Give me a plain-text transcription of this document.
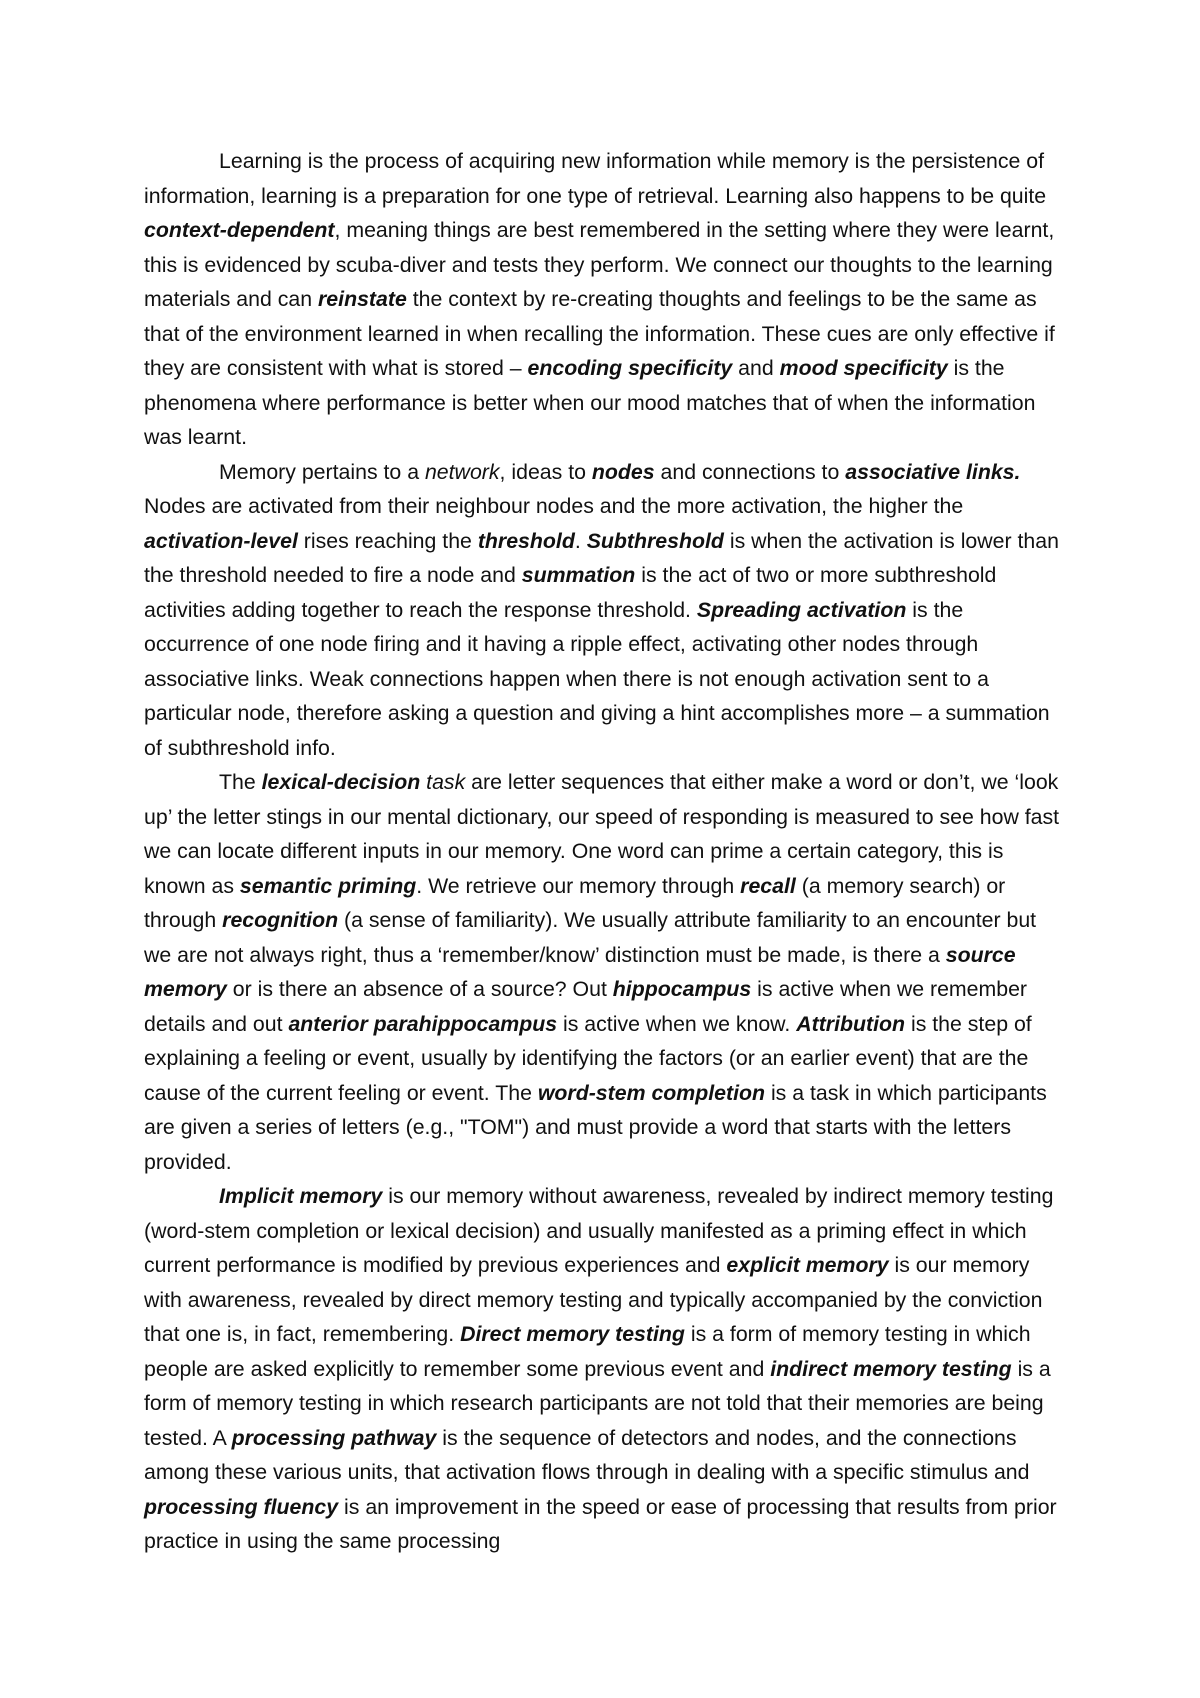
Learning is the process of acquiring new information while memory is the persistence of information, learning is a preparation for one type of retrieval. Learning also happens to be quite context-dependent, meaning things are best remembered in the setting where they were learnt, this is evidenced by scuba-diver and tests they perform. We connect our thoughts to the learning materials and can reinstate the context by re-creating thoughts and feelings to be the same as that of the environment learned in when recalling the information. These cues are only effective if they are consistent with what is stored – encoding specificity and mood specificity is the phenomena where performance is better when our mood matches that of when the information was learnt.

Memory pertains to a network, ideas to nodes and connections to associative links. Nodes are activated from their neighbour nodes and the more activation, the higher the activation-level rises reaching the threshold. Subthreshold is when the activation is lower than the threshold needed to fire a node and summation is the act of two or more subthreshold activities adding together to reach the response threshold. Spreading activation is the occurrence of one node firing and it having a ripple effect, activating other nodes through associative links. Weak connections happen when there is not enough activation sent to a particular node, therefore asking a question and giving a hint accomplishes more – a summation of subthreshold info.

The lexical-decision task are letter sequences that either make a word or don’t, we ‘look up’ the letter stings in our mental dictionary, our speed of responding is measured to see how fast we can locate different inputs in our memory. One word can prime a certain category, this is known as semantic priming. We retrieve our memory through recall (a memory search) or through recognition (a sense of familiarity). We usually attribute familiarity to an encounter but we are not always right, thus a ‘remember/know’ distinction must be made, is there a source memory or is there an absence of a source? Out hippocampus is active when we remember details and out anterior parahippocampus is active when we know. Attribution is the step of explaining a feeling or event, usually by identifying the factors (or an earlier event) that are the cause of the current feeling or event. The word-stem completion is a task in which participants are given a series of letters (e.g., "TOM") and must provide a word that starts with the letters provided.

Implicit memory is our memory without awareness, revealed by indirect memory testing (word-stem completion or lexical decision) and usually manifested as a priming effect in which current performance is modified by previous experiences and explicit memory is our memory with awareness, revealed by direct memory testing and typically accompanied by the conviction that one is, in fact, remembering. Direct memory testing is a form of memory testing in which people are asked explicitly to remember some previous event and indirect memory testing is a form of memory testing in which research participants are not told that their memories are being tested. A processing pathway is the sequence of detectors and nodes, and the connections among these various units, that activation flows through in dealing with a specific stimulus and processing fluency is an improvement in the speed or ease of processing that results from prior practice in using the same processing
